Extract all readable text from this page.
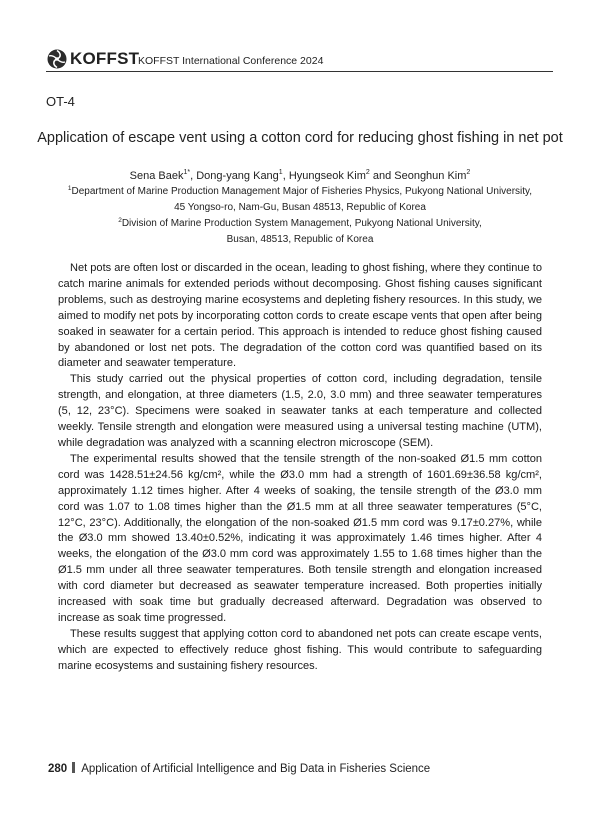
KOFFST
KOFFST International Conference 2024
OT-4
Application of escape vent using a cotton cord for reducing ghost fishing in net pot
Sena Baek$^{1*}$, Dong-yang Kang$^1$, Hyungseok Kim$^2$ and Seonghun Kim$^2$
$^1$Department of Marine Production Management Major of Fisheries Physics, Pukyong National University,
45 Yongso-ro, Nam-Gu, Busan 48513, Republic of Korea
$^2$Division of Marine Production System Management, Pukyong National University,
Busan, 48513, Republic of Korea

Net pots are often lost or discarded in the ocean, leading to ghost fishing, where they continue to catch marine animals for extended periods without decomposing. Ghost fishing causes significant problems, such as destroying marine ecosystems and depleting fishery resources. In this study, we aimed to modify net pots by incorporating cotton cords to create escape vents that open after being soaked in seawater for a certain period. This approach is intended to reduce ghost fishing caused by abandoned or lost net pots. The degradation of the cotton cord was quantified based on its diameter and seawater temperature.

This study carried out the physical properties of cotton cord, including degradation, tensile strength, and elongation, at three diameters (1.5, 2.0, 3.0 mm) and three seawater temperatures (5, 12, 23°C). Specimens were soaked in seawater tanks at each temperature and collected weekly. Tensile strength and elongation were measured using a universal testing machine (UTM), while degradation was analyzed with a scanning electron microscope (SEM).

The experimental results showed that the tensile strength of the non-soaked Ø1.5 mm cotton cord was 1428.51±24.56 kg/cm², while the Ø3.0 mm had a strength of 1601.69±36.58 kg/cm², approximately 1.12 times higher. After 4 weeks of soaking, the tensile strength of the Ø3.0 mm cord was 1.07 to 1.08 times higher than the Ø1.5 mm at all three seawater temperatures (5°C, 12°C, 23°C). Additionally, the elongation of the non-soaked Ø1.5 mm cord was 9.17±0.27%, while the Ø3.0 mm showed 13.40±0.52%, indicating it was approximately 1.46 times higher. After 4 weeks, the elongation of the Ø3.0 mm cord was approximately 1.55 to 1.68 times higher than the Ø1.5 mm under all three seawater temperatures. Both tensile strength and elongation increased with cord diameter but decreased as seawater temperature increased. Both properties initially increased with soak time but gradually decreased afterward. Degradation was observed to increase as soak time progressed.

These results suggest that applying cotton cord to abandoned net pots can create escape vents, which are expected to effectively reduce ghost fishing. This would contribute to safeguarding marine ecosystems and sustaining fishery resources.

280 Application of Artificial Intelligence and Big Data in Fisheries Science
